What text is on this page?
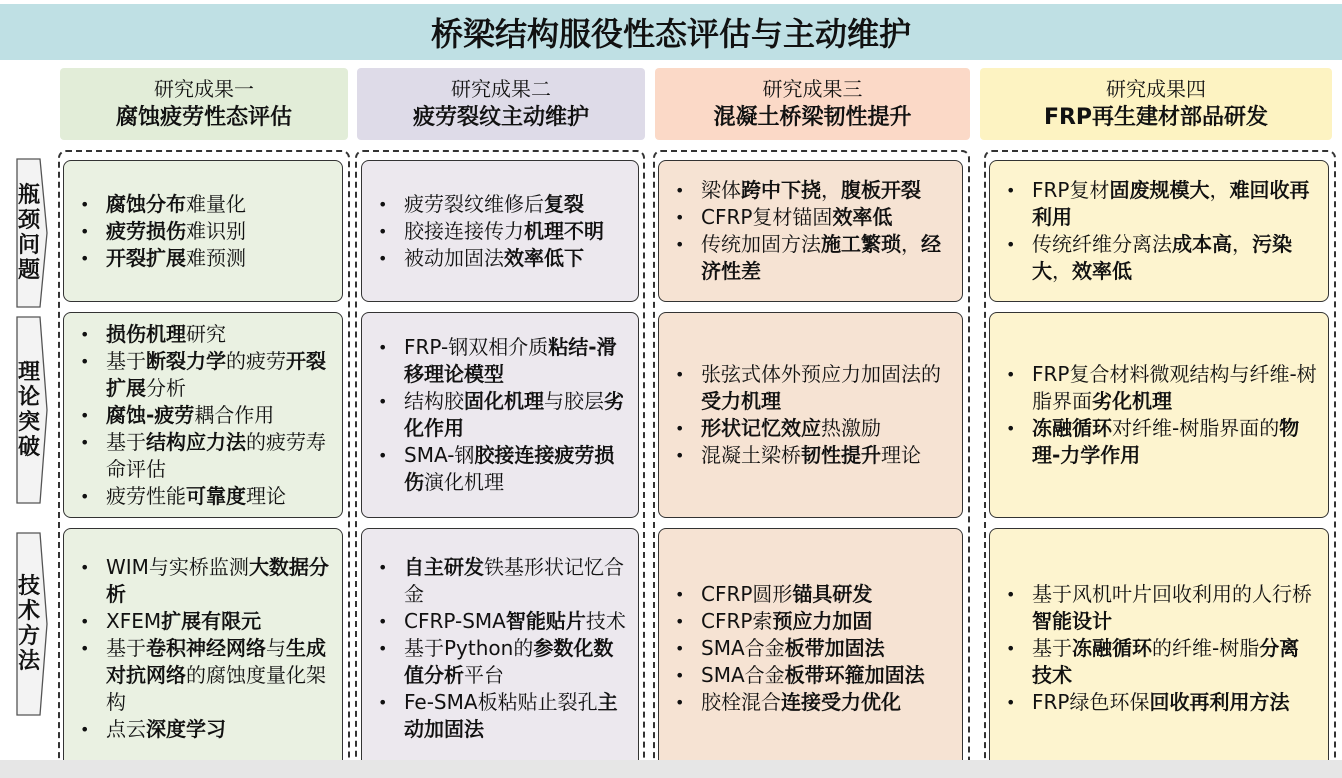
桥梁结构服役性态评估与主动维护
研究成果一
腐蚀疲劳性态评估
研究成果二
疲劳裂纹主动维护
研究成果三
混凝土桥梁韧性提升
研究成果四
FRP再生建材部品研发
瓶
颈
问
题
理
论
突
破
技
术
方
法
• 腐蚀分布难量化
• 疲劳损伤难识别
• 开裂扩展难预测
• 损伤机理研究
• 基于断裂力学的疲劳开裂扩展分析
• 腐蚀-疲劳耦合作用
• 基于结构应力法的疲劳寿命评估
• 疲劳性能可靠度理论
• WIM与实桥监测大数据分析
• XFEM扩展有限元
• 基于卷积神经网络与生成对抗网络的腐蚀度量化架构
• 点云深度学习
• 疲劳裂纹维修后复裂
• 胶接连接传力机理不明
• 被动加固法效率低下
• FRP-钢双相介质粘结-滑移理论模型
• 结构胶固化机理与胶层劣化作用
• SMA-钢胶接连接疲劳损伤演化机理
• 自主研发铁基形状记忆合金
• CFRP-SMA智能贴片技术
• 基于Python的参数化数值分析平台
• Fe-SMA板粘贴止裂孔主动加固法
• 梁体跨中下挠，腹板开裂
• CFRP复材锚固效率低
• 传统加固方法施工繁琐，经济性差
• 张弦式体外预应力加固法的受力机理
• 形状记忆效应热激励
• 混凝土梁桥韧性提升理论
• CFRP圆形锚具研发
• CFRP索预应力加固
• SMA合金板带加固法
• SMA合金板带环箍加固法
• 胶栓混合连接受力优化
• FRP复材固废规模大，难回收再利用
• 传统纤维分离法成本高，污染大，效率低
• FRP复合材料微观结构与纤维-树脂界面劣化机理
• 冻融循环对纤维-树脂界面的物理-力学作用
• 基于风机叶片回收利用的人行桥智能设计
• 基于冻融循环的纤维-树脂分离技术
• FRP绿色环保回收再利用方法
